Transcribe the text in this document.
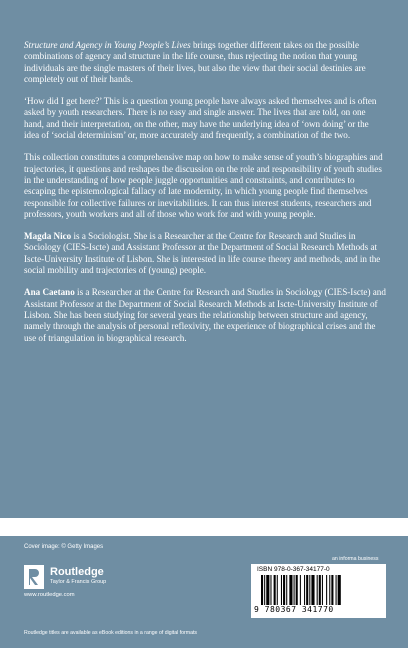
Structure and Agency in Young People’s Lives brings together different takes on the possible combinations of agency and structure in the life course, thus rejecting the notion that young individuals are the single masters of their lives, but also the view that their social destinies are completely out of their hands.

‘How did I get here?’ This is a question young people have always asked themselves and is often asked by youth researchers. There is no easy and single answer. The lives that are told, on one hand, and their interpretation, on the other, may have the underlying idea of ‘own doing’ or the idea of ‘social determinism’ or, more accurately and frequently, a combination of the two.

This collection constitutes a comprehensive map on how to make sense of youth’s biographies and trajectories, it questions and reshapes the discussion on the role and responsibility of youth studies in the understanding of how people juggle opportunities and constraints, and contributes to escaping the epistemological fallacy of late modernity, in which young people find themselves responsible for collective failures or inevitabilities. It can thus interest students, researchers and professors, youth workers and all of those who work for and with young people.

Magda Nico is a Sociologist. She is a Researcher at the Centre for Research and Studies in Sociology (CIES-Iscte) and Assistant Professor at the Department of Social Research Methods at Iscte-University Institute of Lisbon. She is interested in life course theory and methods, and in the social mobility and trajectories of (young) people.

Ana Caetano is a Researcher at the Centre for Research and Studies in Sociology (CIES-Iscte) and Assistant Professor at the Department of Social Research Methods at Iscte-University Institute of Lisbon. She has been studying for several years the relationship between structure and agency, namely through the analysis of personal reflexivity, the experience of biographical crises and the use of triangulation in biographical research.

SOCIOLOGY/YOUTH STUDIES/EDUCATION
Cover image: © Getty Images
Routledge
Taylor & Francis Group
www.routledge.com
an informa business
ISBN 978-0-367-34177-0
9 780367 341770
Routledge titles are available as eBook editions in a range of digital formats
